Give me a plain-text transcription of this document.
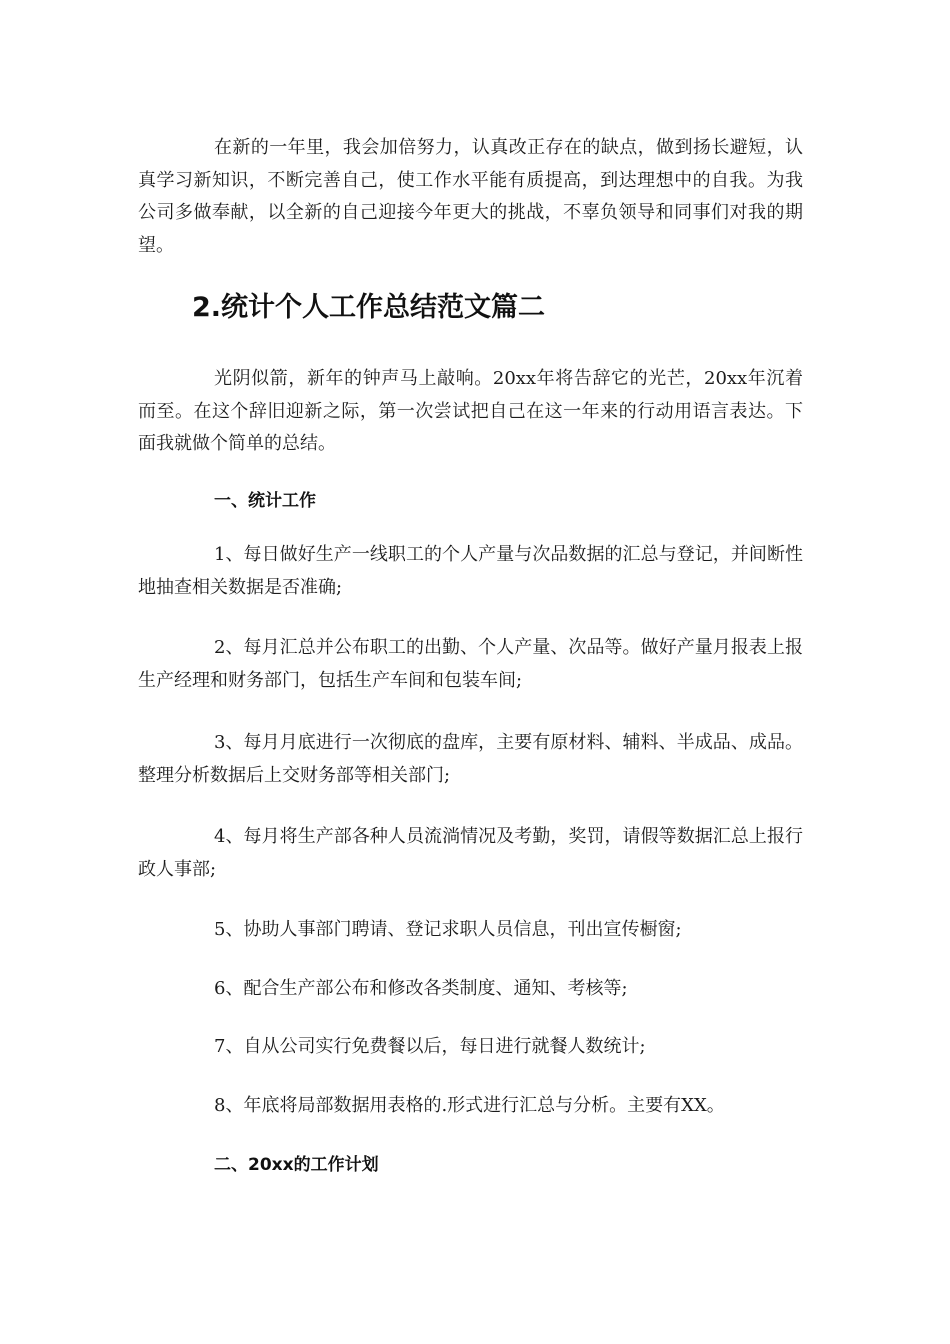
在新的一年里，我会加倍努力，认真改正存在的缺点，做到扬长避短，认真学习新知识，不断完善自己，使工作水平能有质提高，到达理想中的自我。为我公司多做奉献，以全新的自己迎接今年更大的挑战，不辜负领导和同事们对我的期望。

2.统计个人工作总结范文篇二

光阴似箭，新年的钟声马上敲响。20xx年将告辞它的光芒，20xx年沉着而至。在这个辞旧迎新之际，第一次尝试把自己在这一年来的行动用语言表达。下面我就做个简单的总结。

一、统计工作

1、每日做好生产一线职工的个人产量与次品数据的汇总与登记，并间断性地抽查相关数据是否准确;

2、每月汇总并公布职工的出勤、个人产量、次品等。做好产量月报表上报生产经理和财务部门，包括生产车间和包装车间;

3、每月月底进行一次彻底的盘库，主要有原材料、辅料、半成品、成品。整理分析数据后上交财务部等相关部门;

4、每月将生产部各种人员流淌情况及考勤，奖罚，请假等数据汇总上报行政人事部;

5、协助人事部门聘请、登记求职人员信息，刊出宣传橱窗;

6、配合生产部公布和修改各类制度、通知、考核等;

7、自从公司实行免费餐以后，每日进行就餐人数统计;

8、年底将局部数据用表格的.形式进行汇总与分析。主要有XX。

二、20xx的工作计划
